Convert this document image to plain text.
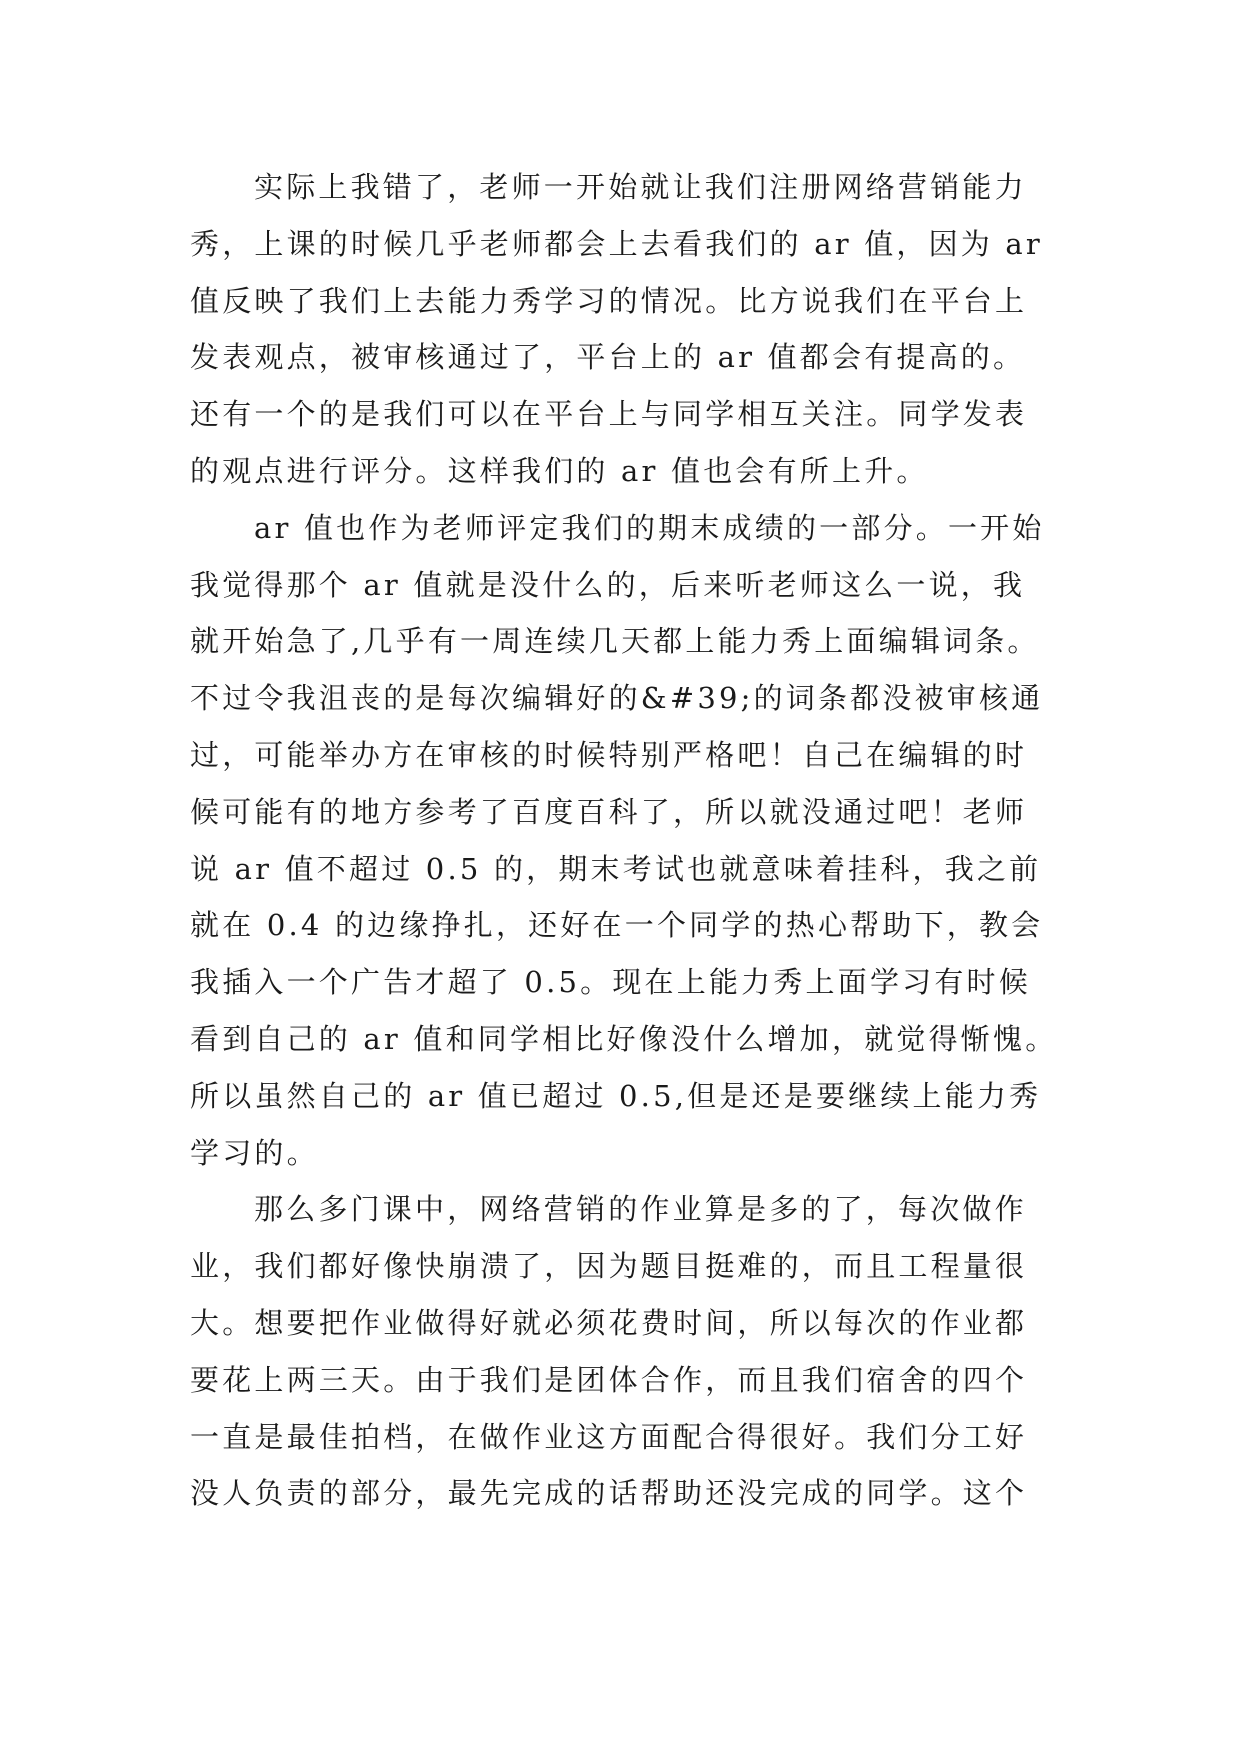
实际上我错了，老师一开始就让我们注册网络营销能力
秀，上课的时候几乎老师都会上去看我们的 ar 值，因为 ar
值反映了我们上去能力秀学习的情况。比方说我们在平台上
发表观点，被审核通过了，平台上的 ar 值都会有提高的。
还有一个的是我们可以在平台上与同学相互关注。同学发表
的观点进行评分。这样我们的 ar 值也会有所上升。

ar 值也作为老师评定我们的期末成绩的一部分。一开始
我觉得那个 ar 值就是没什么的，后来听老师这么一说，我
就开始急了,几乎有一周连续几天都上能力秀上面编辑词条。
不过令我沮丧的是每次编辑好的&#39;的词条都没被审核通
过，可能举办方在审核的时候特别严格吧！自己在编辑的时
候可能有的地方参考了百度百科了，所以就没通过吧！老师
说 ar 值不超过 0.5 的，期末考试也就意味着挂科，我之前
就在 0.4 的边缘挣扎，还好在一个同学的热心帮助下，教会
我插入一个广告才超了 0.5。现在上能力秀上面学习有时候
看到自己的 ar 值和同学相比好像没什么增加，就觉得惭愧。
所以虽然自己的 ar 值已超过 0.5,但是还是要继续上能力秀
学习的。

那么多门课中，网络营销的作业算是多的了，每次做作
业，我们都好像快崩溃了，因为题目挺难的，而且工程量很
大。想要把作业做得好就必须花费时间，所以每次的作业都
要花上两三天。由于我们是团体合作，而且我们宿舍的四个
一直是最佳拍档，在做作业这方面配合得很好。我们分工好
没人负责的部分，最先完成的话帮助还没完成的同学。这个
